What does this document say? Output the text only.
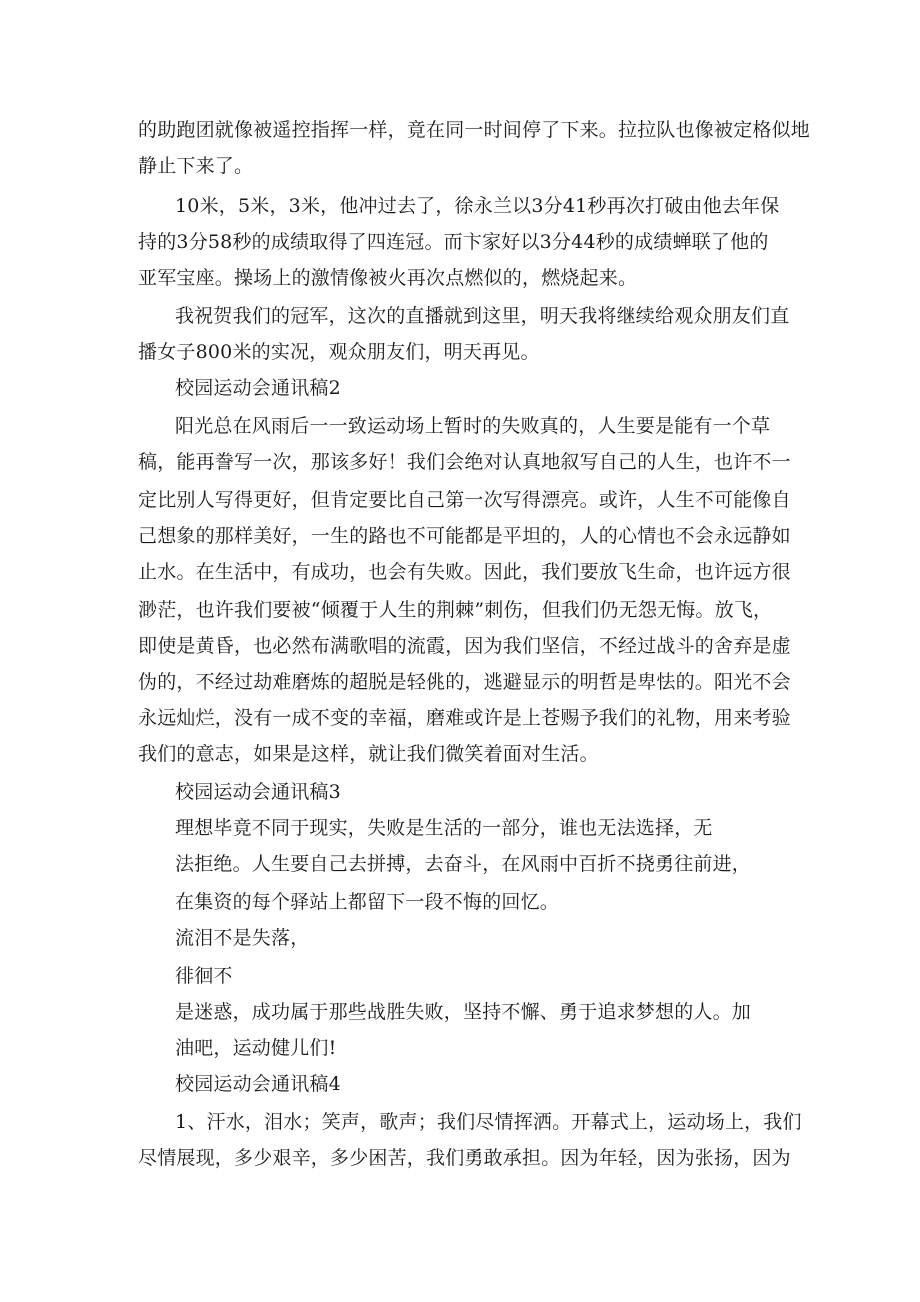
的助跑团就像被遥控指挥一样，竟在同一时间停了下来。拉拉队也像被定格似地
静止下来了。
10米，5米，3米，他冲过去了，徐永兰以3分41秒再次打破由他去年保
持的3分58秒的成绩取得了四连冠。而卞家好以3分44秒的成绩蝉联了他的
亚军宝座。操场上的激情像被火再次点燃似的，燃烧起来。
我祝贺我们的冠军，这次的直播就到这里，明天我将继续给观众朋友们直
播女子800米的实况，观众朋友们，明天再见。
校园运动会通讯稿2
阳光总在风雨后一一致运动场上暂时的失败真的，人生要是能有一个草
稿，能再誊写一次，那该多好！我们会绝对认真地叙写自己的人生，也许不一
定比别人写得更好，但肯定要比自己第一次写得漂亮。或许，人生不可能像自
己想象的那样美好，一生的路也不可能都是平坦的，人的心情也不会永远静如
止水。在生活中，有成功，也会有失败。因此，我们要放飞生命，也许远方很
渺茫，也许我们要被“倾覆于人生的荆棘”刺伤，但我们仍无怨无悔。放飞，
即使是黄昏，也必然布满歌唱的流霞，因为我们坚信，不经过战斗的舍弃是虚
伪的，不经过劫难磨炼的超脱是轻佻的，逃避显示的明哲是卑怯的。阳光不会
永远灿烂，没有一成不变的幸福，磨难或许是上苍赐予我们的礼物，用来考验
我们的意志，如果是这样，就让我们微笑着面对生活。
校园运动会通讯稿3
理想毕竟不同于现实，失败是生活的一部分，谁也无法选择，无
法拒绝。人生要自己去拼搏，去奋斗，在风雨中百折不挠勇往前进，
在集资的每个驿站上都留下一段不悔的回忆。
流泪不是失落，
徘徊不
是迷惑，成功属于那些战胜失败，坚持不懈、勇于追求梦想的人。加
油吧，运动健儿们!
校园运动会通讯稿4
1、汗水，泪水；笑声，歌声；我们尽情挥洒。开幕式上，运动场上，我们
尽情展现，多少艰辛，多少困苦，我们勇敢承担。因为年轻，因为张扬，因为
